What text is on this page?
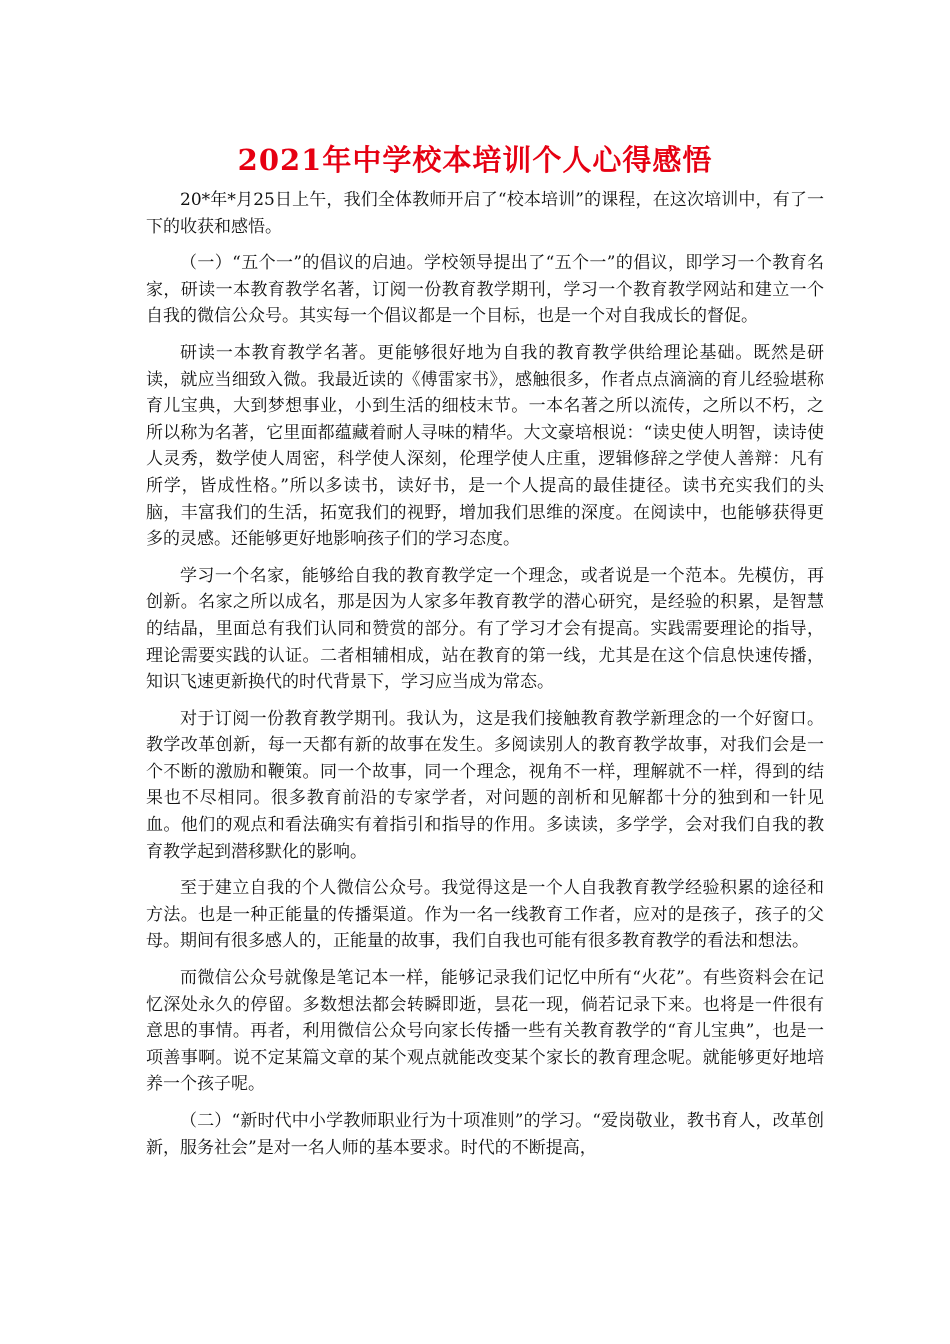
2021年中学校本培训个人心得感悟

20*年*月25日上午，我们全体教师开启了“校本培训”的课程，在这次培训中，有了一下的收获和感悟。

（一）“五个一”的倡议的启迪。学校领导提出了“五个一”的倡议，即学习一个教育名家，研读一本教育教学名著，订阅一份教育教学期刊，学习一个教育教学网站和建立一个自我的微信公众号。其实每一个倡议都是一个目标，也是一个对自我成长的督促。

研读一本教育教学名著。更能够很好地为自我的教育教学供给理论基础。既然是研读，就应当细致入微。我最近读的《傅雷家书》，感触很多，作者点点滴滴的育儿经验堪称育儿宝典，大到梦想事业，小到生活的细枝末节。一本名著之所以流传，之所以不朽，之所以称为名著，它里面都蕴藏着耐人寻味的精华。大文豪培根说：“读史使人明智，读诗使人灵秀，数学使人周密，科学使人深刻，伦理学使人庄重，逻辑修辞之学使人善辩：凡有所学，皆成性格。”所以多读书，读好书，是一个人提高的最佳捷径。读书充实我们的头脑，丰富我们的生活，拓宽我们的视野，增加我们思维的深度。在阅读中，也能够获得更多的灵感。还能够更好地影响孩子们的学习态度。

学习一个名家，能够给自我的教育教学定一个理念，或者说是一个范本。先模仿，再创新。名家之所以成名，那是因为人家多年教育教学的潜心研究，是经验的积累，是智慧的结晶，里面总有我们认同和赞赏的部分。有了学习才会有提高。实践需要理论的指导，理论需要实践的认证。二者相辅相成，站在教育的第一线，尤其是在这个信息快速传播，知识飞速更新换代的时代背景下，学习应当成为常态。

对于订阅一份教育教学期刊。我认为，这是我们接触教育教学新理念的一个好窗口。教学改革创新，每一天都有新的故事在发生。多阅读别人的教育教学故事，对我们会是一个不断的激励和鞭策。同一个故事，同一个理念，视角不一样，理解就不一样，得到的结果也不尽相同。很多教育前沿的专家学者，对问题的剖析和见解都十分的独到和一针见血。他们的观点和看法确实有着指引和指导的作用。多读读，多学学，会对我们自我的教育教学起到潜移默化的影响。

至于建立自我的个人微信公众号。我觉得这是一个人自我教育教学经验积累的途径和方法。也是一种正能量的传播渠道。作为一名一线教育工作者，应对的是孩子，孩子的父母。期间有很多感人的，正能量的故事，我们自我也可能有很多教育教学的看法和想法。

而微信公众号就像是笔记本一样，能够记录我们记忆中所有“火花”。有些资料会在记忆深处永久的停留。多数想法都会转瞬即逝，昙花一现，倘若记录下来。也将是一件很有意思的事情。再者，利用微信公众号向家长传播一些有关教育教学的“育儿宝典”，也是一项善事啊。说不定某篇文章的某个观点就能改变某个家长的教育理念呢。就能够更好地培养一个孩子呢。

（二）“新时代中小学教师职业行为十项准则”的学习。“爱岗敬业，教书育人，改革创新，服务社会”是对一名人师的基本要求。时代的不断提高，
